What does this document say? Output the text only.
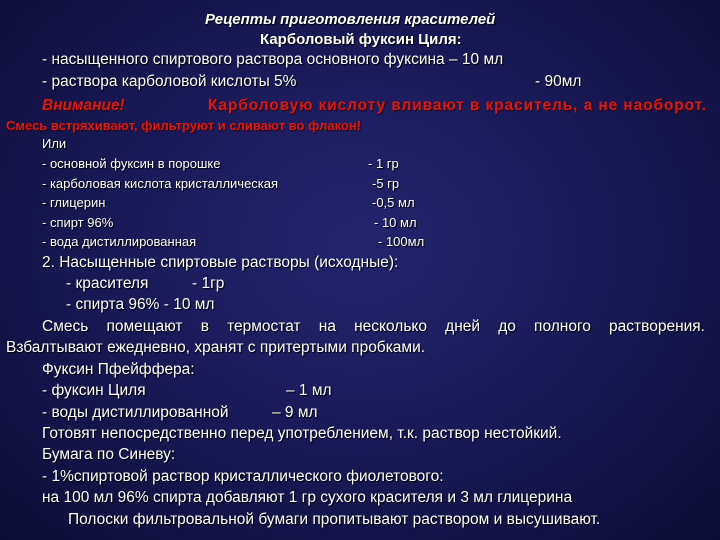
Рецепты приготовления красителей
Карболовый фуксин Циля:
- насыщенного спиртового раствора основного фуксина – 10 мл
- раствора карболовой кислоты 5%	- 90мл
Внимание!	Карболовую кислоту вливают в краситель, а не наоборот.
Смесь встряхивают, фильтруют и сливают во флакон!
Или
- основной фуксин в порошке	- 1 гр
- карболовая кислота кристаллическая	-5 гр
- глицерин	-0,5 мл
- спирт 96%	- 10 мл
- вода дистиллированная	- 100мл
2. Насыщенные спиртовые растворы (исходные):
- красителя	- 1гр
- спирта 96% - 10 мл
Смесь помещают в термостат на несколько дней до полного растворения.
Взбалтывают ежедневно, хранят с притертыми пробками.
Фуксин Пфейффера:
- фуксин Циля	– 1 мл
- воды дистиллированной	– 9 мл
Готовят непосредственно перед употреблением, т.к. раствор нестойкий.
Бумага по Синеву:
- 1%спиртовой раствор кристаллического фиолетового:
на 100 мл 96% спирта добавляют 1 гр сухого красителя и 3 мл глицерина
Полоски фильтровальной бумаги пропитывают раствором и высушивают.
